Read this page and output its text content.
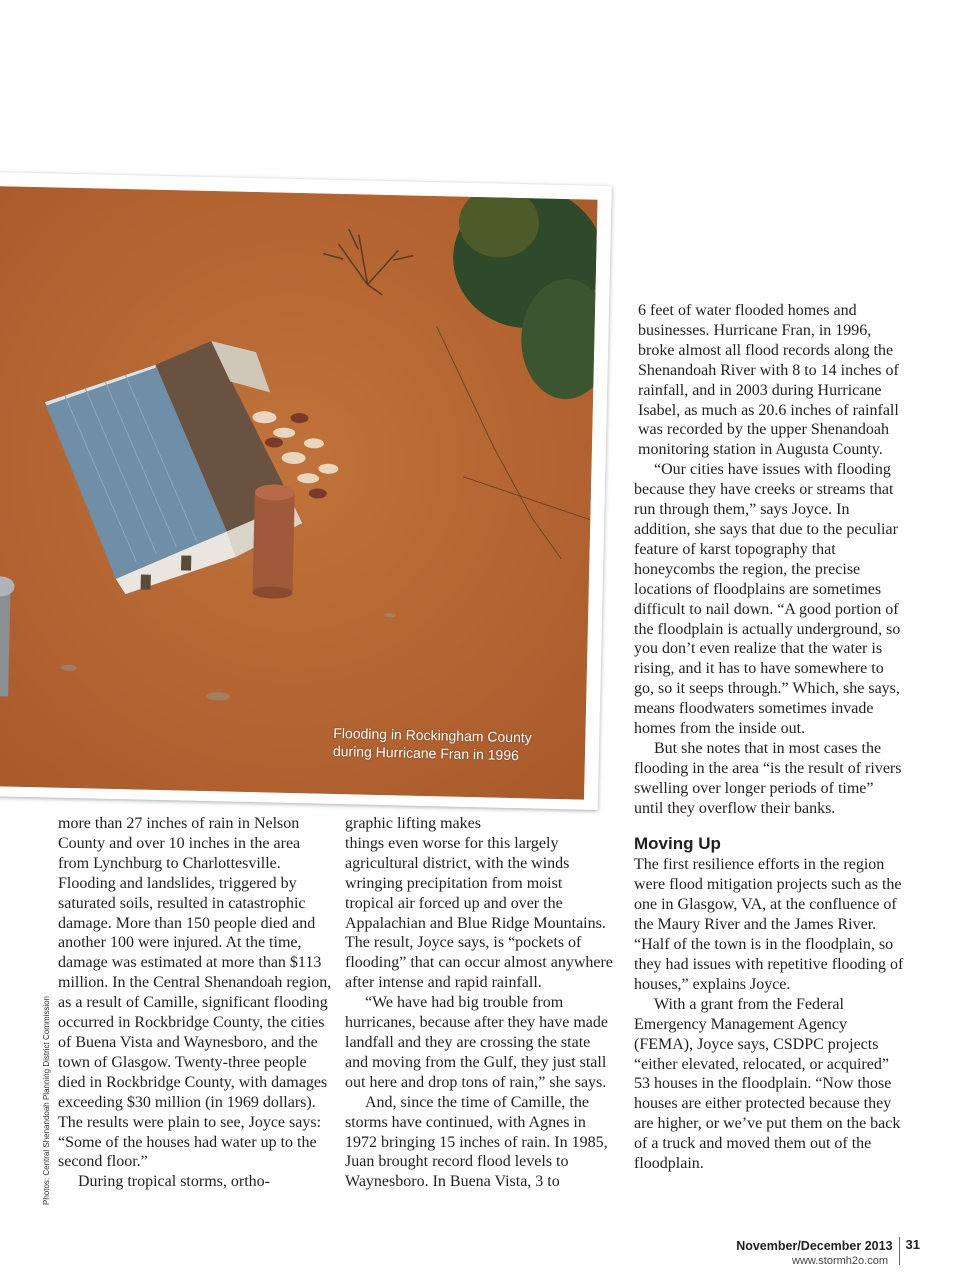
Flooding in Rockingham County
during Hurricane Fran in 1996
Photos: Central Shenandoah Planning District Commission

more than 27 inches of rain in Nelson County and over 10 inches in the area from Lynchburg to Charlottesville. Flooding and landslides, triggered by saturated soils, resulted in catastrophic damage. More than 150 people died and another 100 were injured. At the time, damage was estimated at more than $113 million. In the Central Shenandoah region, as a result of Camille, significant flooding occurred in Rockbridge County, the cities of Buena Vista and Waynesboro, and the town of Glasgow. Twenty-three people died in Rockbridge County, with damages exceeding $30 million (in 1969 dollars). The results were plain to see, Joyce says: “Some of the houses had water up to the second floor.”

During tropical storms, ortho-

graphic lifting makes

things even worse for this largely agricultural district, with the winds wringing precipitation from moist tropical air forced up and over the Appalachian and Blue Ridge Mountains. The result, Joyce says, is “pockets of flooding” that can occur almost anywhere after intense and rapid rainfall.

“We have had big trouble from hurricanes, because after they have made landfall and they are crossing the state and moving from the Gulf, they just stall out here and drop tons of rain,” she says.

And, since the time of Camille, the storms have continued, with Agnes in 1972 bringing 15 inches of rain. In 1985, Juan brought record flood levels to Waynesboro. In Buena Vista, 3 to

6 feet of water flooded homes and businesses. Hurricane Fran, in 1996, broke almost all flood records along the Shenandoah River with 8 to 14 inches of rainfall, and in 2003 during Hurricane Isabel, as much as 20.6 inches of rainfall was recorded by the upper Shenandoah monitoring station in Augusta County.

“Our cities have issues with flooding because they have creeks or streams that run through them,” says Joyce. In addition, she says that due to the peculiar feature of karst topography that honeycombs the region, the precise locations of floodplains are sometimes difficult to nail down. “A good portion of the floodplain is actually underground, so you don’t even realize that the water is rising, and it has to have somewhere to go, so it seeps through.” Which, she says, means floodwaters sometimes invade homes from the inside out.

But she notes that in most cases the flooding in the area “is the result of rivers swelling over longer periods of time” until they overflow their banks.

Moving Up

The first resilience efforts in the region were flood mitigation projects such as the one in Glasgow, VA, at the confluence of the Maury River and the James River. “Half of the town is in the floodplain, so they had issues with repetitive flooding of houses,” explains Joyce.

With a grant from the Federal Emergency Management Agency (FEMA), Joyce says, CSDPC projects “either elevated, relocated, or acquired” 53 houses in the floodplain. “Now those houses are either protected because they are higher, or we’ve put them on the back of a truck and moved them out of the floodplain.

November/December 2013 $^{31}$
www.stormh2o.com
